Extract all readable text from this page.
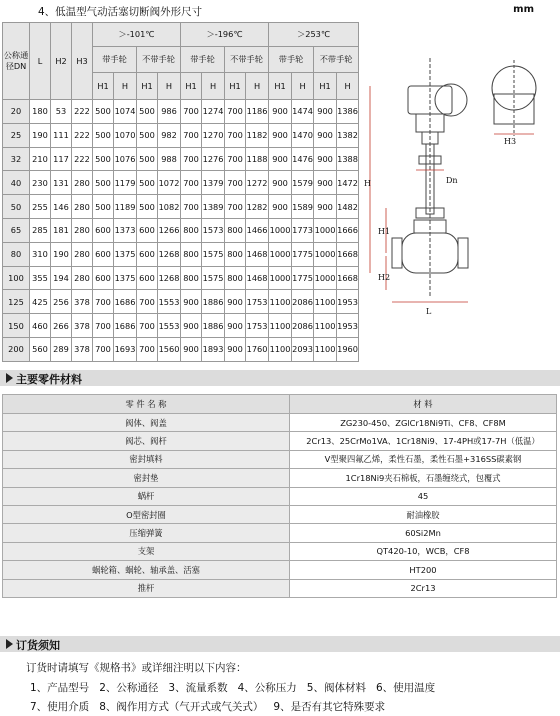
4、低温型气动活塞切断阀外形尺寸	mm
公称通径DN	L	H2	H3	＞-101℃				＞-196℃				＞253℃			
				带手轮		不带手轮		带手轮		不带手轮		带手轮		不带手轮	
				H1	H	H1	H	H1	H	H1	H	H1	H	H1	H
20	180	53	222	500	1074	500	986	700	1274	700	1186	900	1474	900	1386
25	190	111	222	500	1070	500	982	700	1270	700	1182	900	1470	900	1382
32	210	117	222	500	1076	500	988	700	1276	700	1188	900	1476	900	1388
40	230	131	280	500	1179	500	1072	700	1379	700	1272	900	1579	900	1472
50	255	146	280	500	1189	500	1082	700	1389	700	1282	900	1589	900	1482
65	285	181	280	600	1373	600	1266	800	1573	800	1466	1000	1773	1000	1666
80	310	190	280	600	1375	600	1268	800	1575	800	1468	1000	1775	1000	1668
100	355	194	280	600	1375	600	1268	800	1575	800	1468	1000	1775	1000	1668
125	425	256	378	700	1686	700	1553	900	1886	900	1753	1100	2086	1100	1953
150	460	266	378	700	1686	700	1553	900	1886	900	1753	1100	2086	1100	1953
200	560	289	378	700	1693	700	1560	900	1893	900	1760	1100	2093	1100	1960
H3
H	Dn
H1
H2
L
主要零件材料
零 件 名 称	材 料
阀体、阀盖	ZG230-450、ZGlCr18Ni9Ti、CF8、CF8M
阀芯、阀杆	2Cr13、25CrMo1VA、1Cr18Ni9、17-4PH或17-7H（低温）
密封填料	V型聚四氟乙烯，柔性石墨，柔性石墨+316SS碳素钢
密封垫	1Cr18Ni9夹石棉板，石墨缠绕式，包覆式
蜗杆	45
O型密封圈	耐油橡胶
压缩弹簧	60Si2Mn
支架	QT420-10，WCB，CF8
蜗轮箱、蜗轮、轴承盖、活塞	HT200
推杆	2Cr13
订货须知
订货时请填写《规格书》或详细注明以下内容：
1、产品型号   2、公称通径   3、流量系数   4、公称压力   5、阀体材料   6、使用温度
7、使用介质   8、阀作用方式（气开式或气关式）   9、是否有其它特殊要求
